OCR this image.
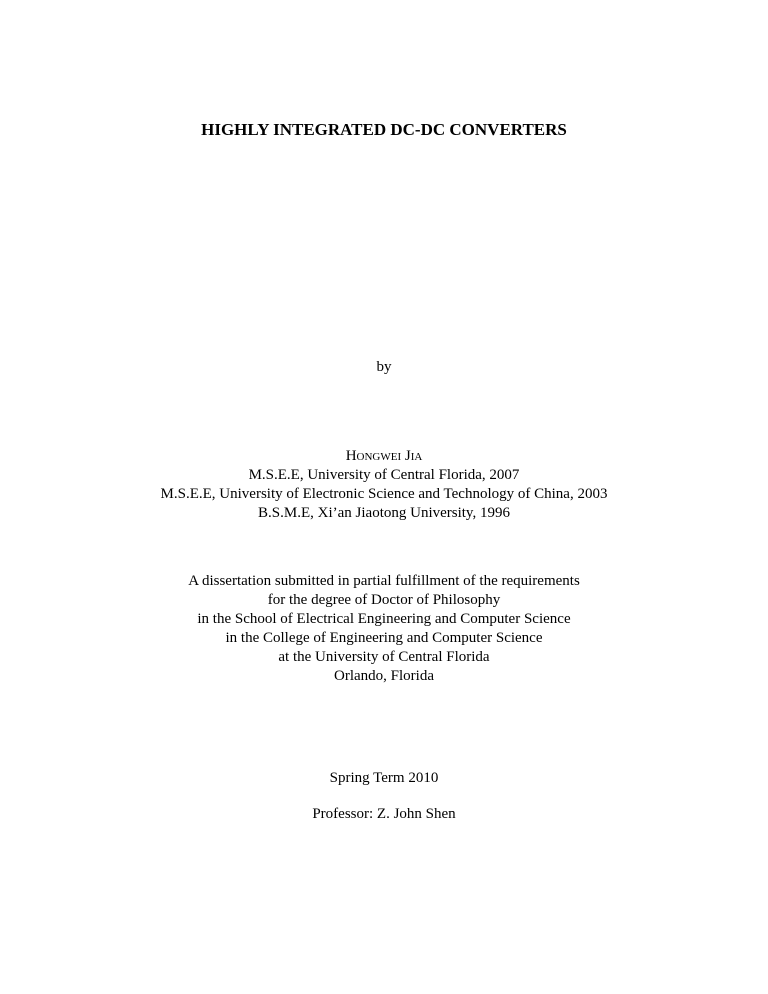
HIGHLY INTEGRATED DC-DC CONVERTERS
by
Hongwei Jia
M.S.E.E, University of Central Florida, 2007
M.S.E.E, University of Electronic Science and Technology of China, 2003
B.S.M.E, Xi’an Jiaotong University, 1996
A dissertation submitted in partial fulfillment of the requirements
for the degree of Doctor of Philosophy
in the School of Electrical Engineering and Computer Science
in the College of Engineering and Computer Science
at the University of Central Florida
Orlando, Florida
Spring Term 2010
Professor: Z. John Shen
